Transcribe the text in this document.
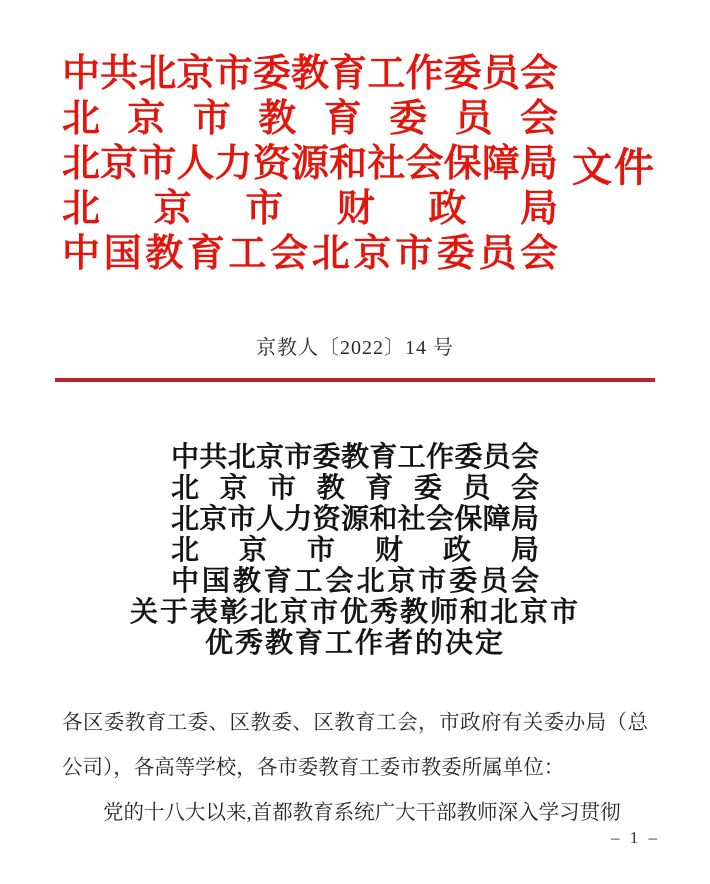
中共北京市委教育工作委员会
北京市教育委员会
北京市人力资源和社会保障局
北京市财政局
中国教育工会北京市委员会
文件
京教人〔2022〕14 号
中共北京市委教育工作委员会
北京市教育委员会
北京市人力资源和社会保障局
北京市财政局
中国教育工会北京市委员会
关于表彰北京市优秀教师和北京市
优秀教育工作者的决定

各区委教育工委、区教委、区教育工会，市政府有关委办局（总

公司），各高等学校，各市委教育工委市教委所属单位：

党的十八大以来,首都教育系统广大干部教师深入学习贯彻

– 1 –
